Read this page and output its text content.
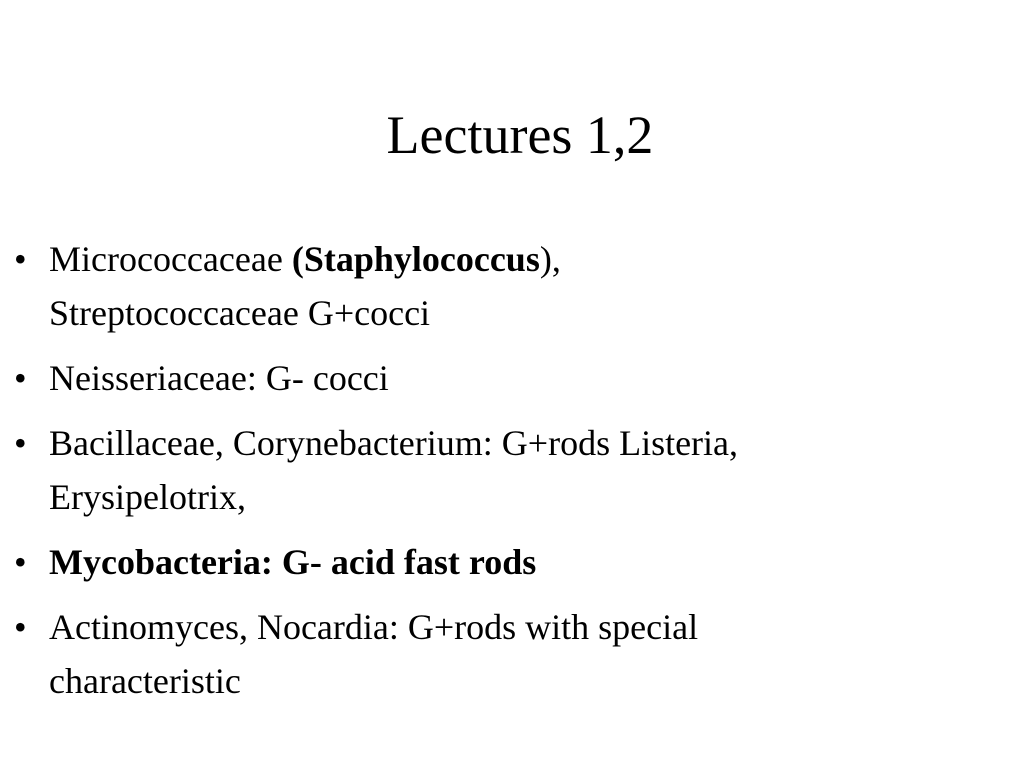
Lectures 1,2
• Micrococcaceae (Staphylococcus),
Streptococcaceae G+cocci
• Neisseriaceae: G- cocci
• Bacillaceae, Corynebacterium: G+rods Listeria,
Erysipelotrix,
• Mycobacteria: G- acid fast rods
• Actinomyces, Nocardia: G+rods with special
characteristic
